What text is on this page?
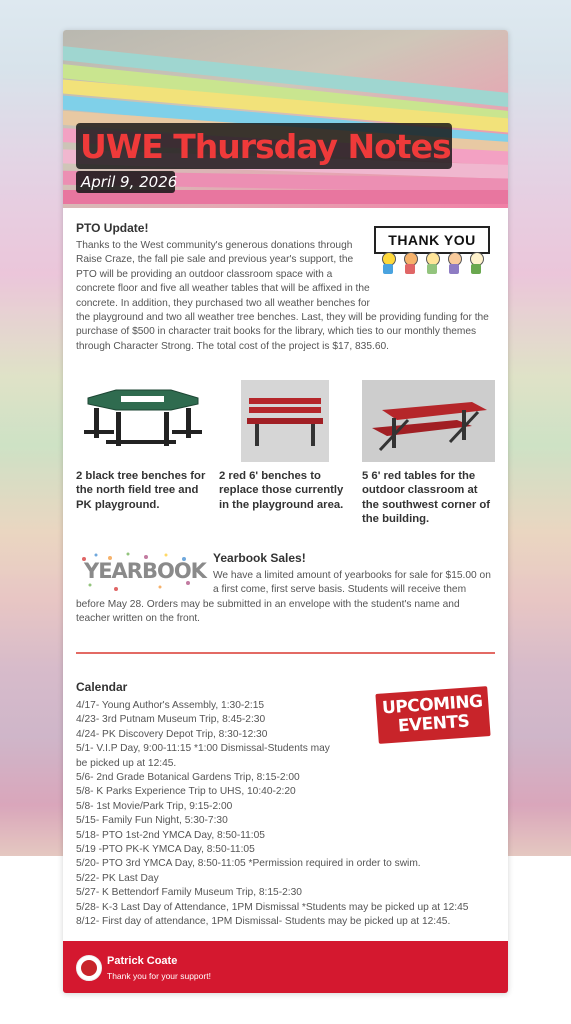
UWE Thursday Notes
April 9, 2026
PTO Update!
Thanks to the West community's generous donations through Raise Craze, the fall pie sale and previous year's support, the PTO will be providing an outdoor classroom space with a concrete floor and five all weather tables that will be affixed in the concrete. In addition, they purchased two all weather benches for the playground and two all weather tree benches. Last, they will be providing funding for the purchase of $500 in character trait books for the library, which ties to our monthly themes through Character Strong. The total cost of the project is $17, 835.60.
THANK YOU
2 black tree benches for the north field tree and PK playground.
2 red 6' benches to replace those currently in the playground area.
5 6' red tables for the outdoor classroom at the southwest corner of the building.
YEARBOOK
Yearbook Sales!
We have a limited amount of yearbooks for sale for $15.00 on a first come, first serve basis. Students will receive them before May 28. Orders may be submitted in an envelope with the student's name and teacher written on the front.
Calendar
UPCOMING
EVENTS
4/17- Young Author's Assembly, 1:30-2:15
4/23- 3rd Putnam Museum Trip, 8:45-2:30
4/24- PK Discovery Depot Trip, 8:30-12:30
5/1- V.I.P Day, 9:00-11:15 *1:00 Dismissal-Students may be picked up at 12:45.
5/6- 2nd Grade Botanical Gardens Trip, 8:15-2:00
5/8- K Parks Experience Trip to UHS, 10:40-2:20
5/8- 1st Movie/Park Trip, 9:15-2:00
5/15- Family Fun Night, 5:30-7:30
5/18- PTO 1st-2nd YMCA Day, 8:50-11:05
5/19 -PTO PK-K YMCA Day, 8:50-11:05
5/20- PTO 3rd YMCA Day, 8:50-11:05 *Permission required in order to swim.
5/22- PK Last Day
5/27- K Bettendorf Family Museum Trip, 8:15-2:30
5/28- K-3 Last Day of Attendance, 1PM Dismissal *Students may be picked up at 12:45
8/12- First day of attendance, 1PM Dismissal- Students may be picked up at 12:45.
Patrick Coate
Thank you for your support!
